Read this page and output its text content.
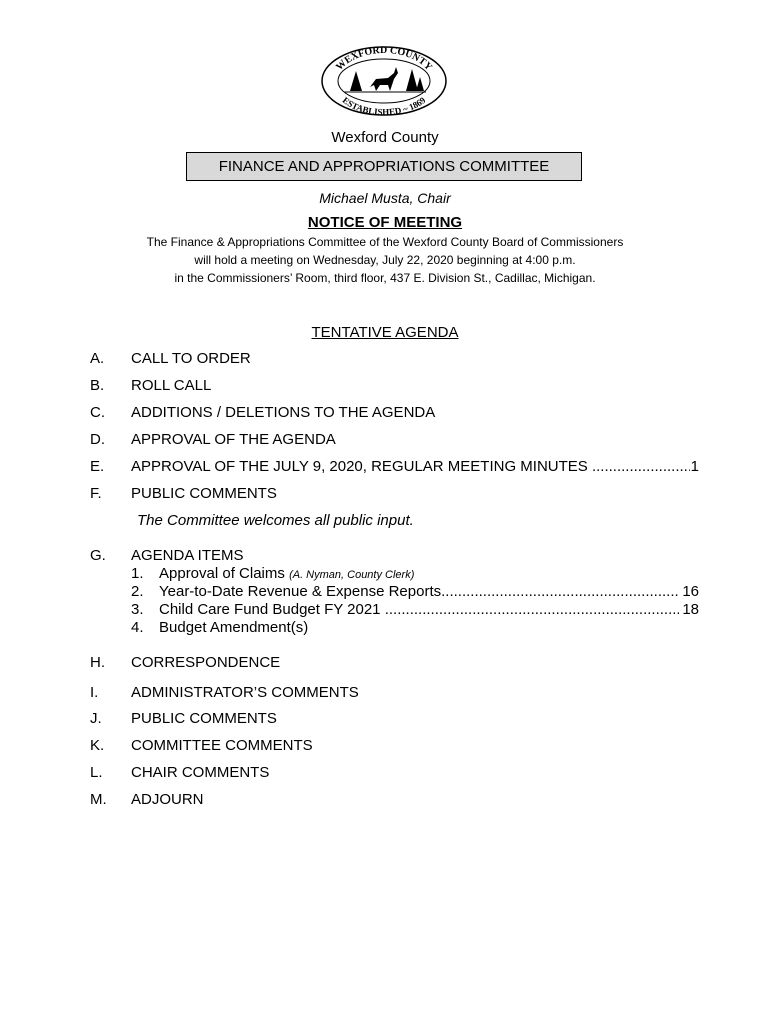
WEXFORD COUNTY
ESTABLISHED ~ 1869
Wexford County
FINANCE AND APPROPRIATIONS COMMITTEE
Michael Musta, Chair
NOTICE OF MEETING
The Finance & Appropriations Committee of the Wexford County Board of Commissioners
will hold a meeting on Wednesday, July 22, 2020 beginning at 4:00 p.m.
in the Commissioners’ Room, third floor, 437 E. Division St., Cadillac, Michigan.
TENTATIVE AGENDA
A. CALL TO ORDER
B. ROLL CALL
C. ADDITIONS / DELETIONS TO THE AGENDA
D. APPROVAL OF THE AGENDA
E. APPROVAL OF THE JULY 9, 2020, REGULAR MEETING MINUTES .....	1
F. PUBLIC COMMENTS
The Committee welcomes all public input.
G. AGENDA ITEMS
1. Approval of Claims (A. Nyman, County Clerk)
2. Year-to-Date Revenue & Expense Reports .....	16
3. Child Care Fund Budget FY 2021 .....	18
4. Budget Amendment(s)
H. CORRESPONDENCE
I. ADMINISTRATOR’S COMMENTS
J. PUBLIC COMMENTS
K. COMMITTEE COMMENTS
L. CHAIR COMMENTS
M. ADJOURN
